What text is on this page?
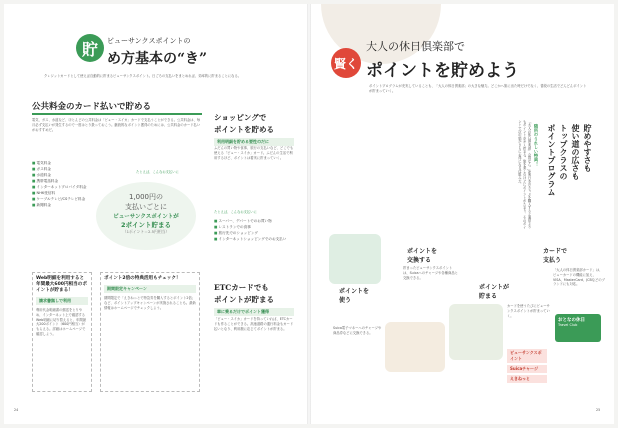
貯	ビューサンクスポイントの
め方基本の“き”
クレジットカードとして使えば自動的に貯まるビューサンクスポイント。日ごろの支払いをまとめれば、効率的に貯まることになる。
公共料金のカード払いで貯める
電気、ガス、水道など、ほとんどの公共料金は「ビュー・スイカ」カードで支払うことができる。公共料金は、毎月必ず支払いが発生するので一度はとり扱っておこう。継続的なポイント獲得のためには、公共料金のカード払いがおすすめだ。
■ 電気料金
■ ガス料金
■ 水道料金
■ 携帯電話料金
■ インターネットプロバイダ料金
■ NHK受信料
■ ケーブルテレビ/CSテレビ料金
■ 新聞料金
たとえば、こんなお支払いに
1,000円の
支払いごとに
ビューサンクスポイントが
2ポイント貯まる
（1ポイント＝2.5円相当）
ショッピングで
ポイントを貯める
利用明細を貯める要性のだに
ふだんの買い物や食事、旅行の支払いなど、どこでも使える「ビュー・スイカ」カード。ふだんの生活で利用するほど、ポイントは着実に貯まっていく。
たとえば、こんなお支払いに
■ スーパー、デパートでのお買い物
■ レストランでの食事
■ 旅行先でのショッピング
■ インターネットショッピングでのお支払い
Web明細を利用すると年間最大600円相当のポイントが貯まる！
請求書無しで利用
利用代金明細書の郵送をとりやめ、インターネット上で確認するWeb明細に切り替えると、年間最大200ポイント（600円相当）がもらえる。詳細はホームページで確認しよう。
ポイント2倍の特典活用もチェック！
期間限定キャンペーン
期間限定で「えきねっとで特急券を購入するとポイント2倍」など、ポイントアップキャンペーンが実施されることも。最新情報はホームページでチェックしよう。
ETCカードでも
ポイントが貯まる
車に乗るだけでポイント獲得
「ビュー・スイカ」カードを持っていれば、ETCカードも作ることができる。高速道路の通行料金もカード払いとなり、利用額に応じてポイントが貯まる。
24
賢く
大人の休日倶楽部で
ポイントを貯めよう
ポイントプログラムが充実していることも、「大人の休日倶楽部」の大きな魅力。どこかへ旅に出た時だけでなく、普段の生活でどんどんポイントが貯まっていく。
「大人の休日倶楽部」会員なら、JR東日本のきっぷを購入すると通常よりもポイントが多く貯まる。旅を楽しむほどにポイントがたまり、そのポイントで次の旅がさらにお得になる仕組みだ。	随所のうれしい特典！	貯めやすさも
使い道の広さも
トップクラスの
ポイントプログラム
ポイントを
使う
Suica電子マネーへのチャージや商品券などに交換できる。
ポイントを
交換する
貯まったビューサンクスポイントは、Suicaへのチャージや各種商品と交換できる。
ポイントが
貯まる
カードを使うたびにビューサンクスポイントが貯まっていく。
カードで
支払う
「大人の休日倶楽部カード」は、ビューカードの機能に加え、VISA、MasterCard、JCBなどのブランドにも対応。
おとなの休日
Travel Club
ビューサンクスポイント
Suicaチャージ
えきねっと
25
